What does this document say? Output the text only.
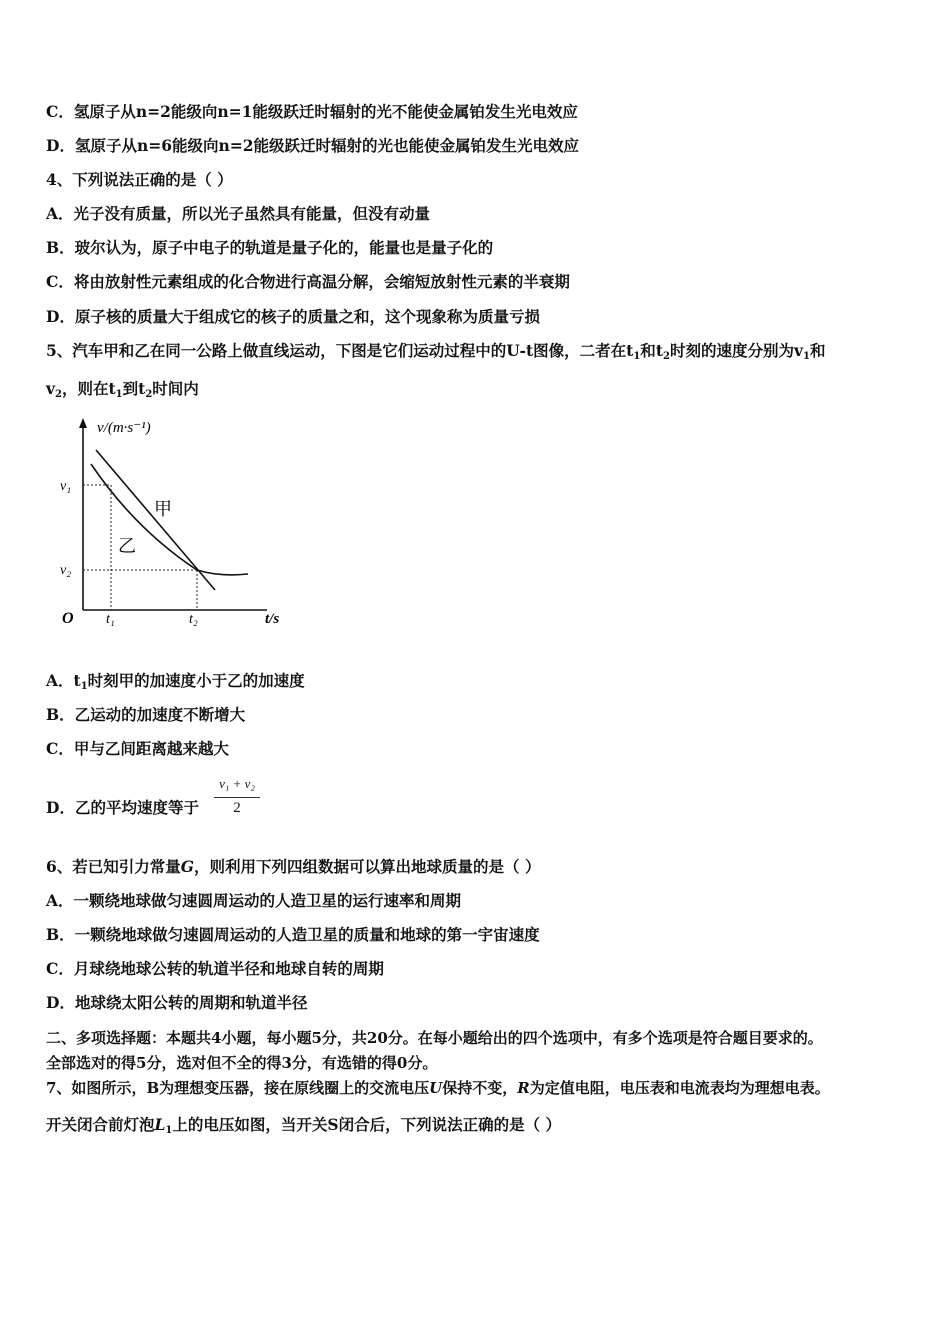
C．氢原子从n=2能级向n=1能级跃迁时辐射的光不能使金属铂发生光电效应
D．氢原子从n=6能级向n=2能级跃迁时辐射的光也能使金属铂发生光电效应
4、下列说法正确的是（ ）
A．光子没有质量，所以光子虽然具有能量，但没有动量
B．玻尔认为，原子中电子的轨道是量子化的，能量也是量子化的
C．将由放射性元素组成的化合物进行高温分解，会缩短放射性元素的半衰期
D．原子核的质量大于组成它的核子的质量之和，这个现象称为质量亏损
5、汽车甲和乙在同一公路上做直线运动，下图是它们运动过程中的U-t图像，二者在$t_1$和$t_2$时刻的速度分别为$v_1$和
$v_2$，则在$t_1$到$t_2$时间内
v/(m·s⁻¹)
v₁
v₂
O t₁	t₂	t/s
甲
乙
A．$t_1$时刻甲的加速度小于乙的加速度
B．乙运动的加速度不断增大
C．甲与乙间距离越来越大
D．乙的平均速度等于
v₁ + v₂
2
6、若已知引力常量G，则利用下列四组数据可以算出地球质量的是（ ）
A．一颗绕地球做匀速圆周运动的人造卫星的运行速率和周期
B．一颗绕地球做匀速圆周运动的人造卫星的质量和地球的第一宇宙速度
C．月球绕地球公转的轨道半径和地球自转的周期
D．地球绕太阳公转的周期和轨道半径
二、多项选择题：本题共4小题，每小题5分，共20分。在每小题给出的四个选项中，有多个选项是符合题目要求的。
全部选对的得5分，选对但不全的得3分，有选错的得0分。
7、如图所示，B为理想变压器，接在原线圈上的交流电压U保持不变，R为定值电阻，电压表和电流表均为理想电表。
开关闭合前灯泡$L_1$上的电压如图，当开关S闭合后，下列说法正确的是（ ）
